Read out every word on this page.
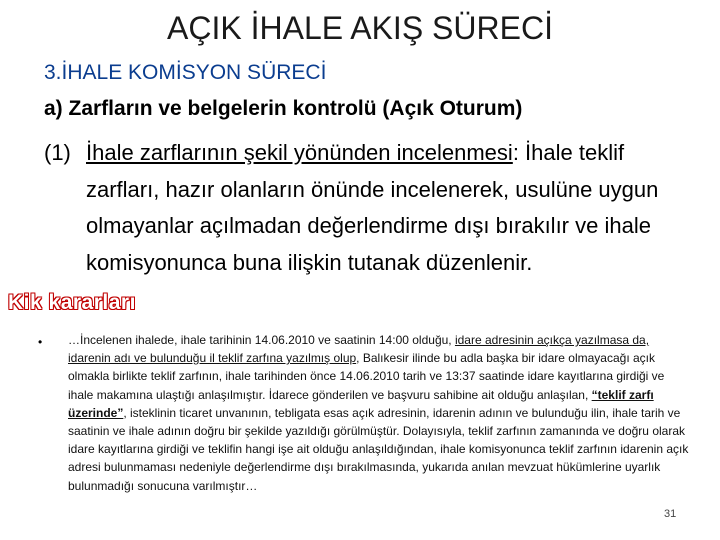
AÇIK İHALE AKIŞ SÜRECİ
3.İHALE KOMİSYON SÜRECİ
a) Zarfların ve belgelerin kontrolü (Açık Oturum)
(1) İhale zarflarının şekil yönünden incelenmesi: İhale teklif zarfları, hazır olanların önünde incelenerek, usulüne uygun olmayanlar açılmadan değerlendirme dışı bırakılır ve ihale komisyonunca buna ilişkin tutanak düzenlenir.
Kik kararları
• …İncelenen ihalede, ihale tarihinin 14.06.2010 ve saatinin 14:00 olduğu, idare adresinin açıkça yazılmasa da, idarenin adı ve bulunduğu il teklif zarfına yazılmış olup, Balıkesir ilinde bu adla başka bir idare olmayacağı açık olmakla birlikte teklif zarfının, ihale tarihinden önce 14.06.2010 tarih ve 13:37 saatinde idare kayıtlarına girdiği ve ihale makamına ulaştığı anlaşılmıştır. İdarece gönderilen ve başvuru sahibine ait olduğu anlaşılan, “teklif zarfı üzerinde”, isteklinin ticaret unvanının, tebligata esas açık adresinin, idarenin adının ve bulunduğu ilin, ihale tarih ve saatinin ve ihale adının doğru bir şekilde yazıldığı görülmüştür. Dolayısıyla, teklif zarfının zamanında ve doğru olarak idare kayıtlarına girdiği ve teklifin hangi işe ait olduğu anlaşıldığından, ihale komisyonunca teklif zarfının idarenin açık adresi bulunmaması nedeniyle değerlendirme dışı bırakılmasında, yukarıda anılan mevzuat hükümlerine uyarlık bulunmadığı sonucuna varılmıştır…
31
